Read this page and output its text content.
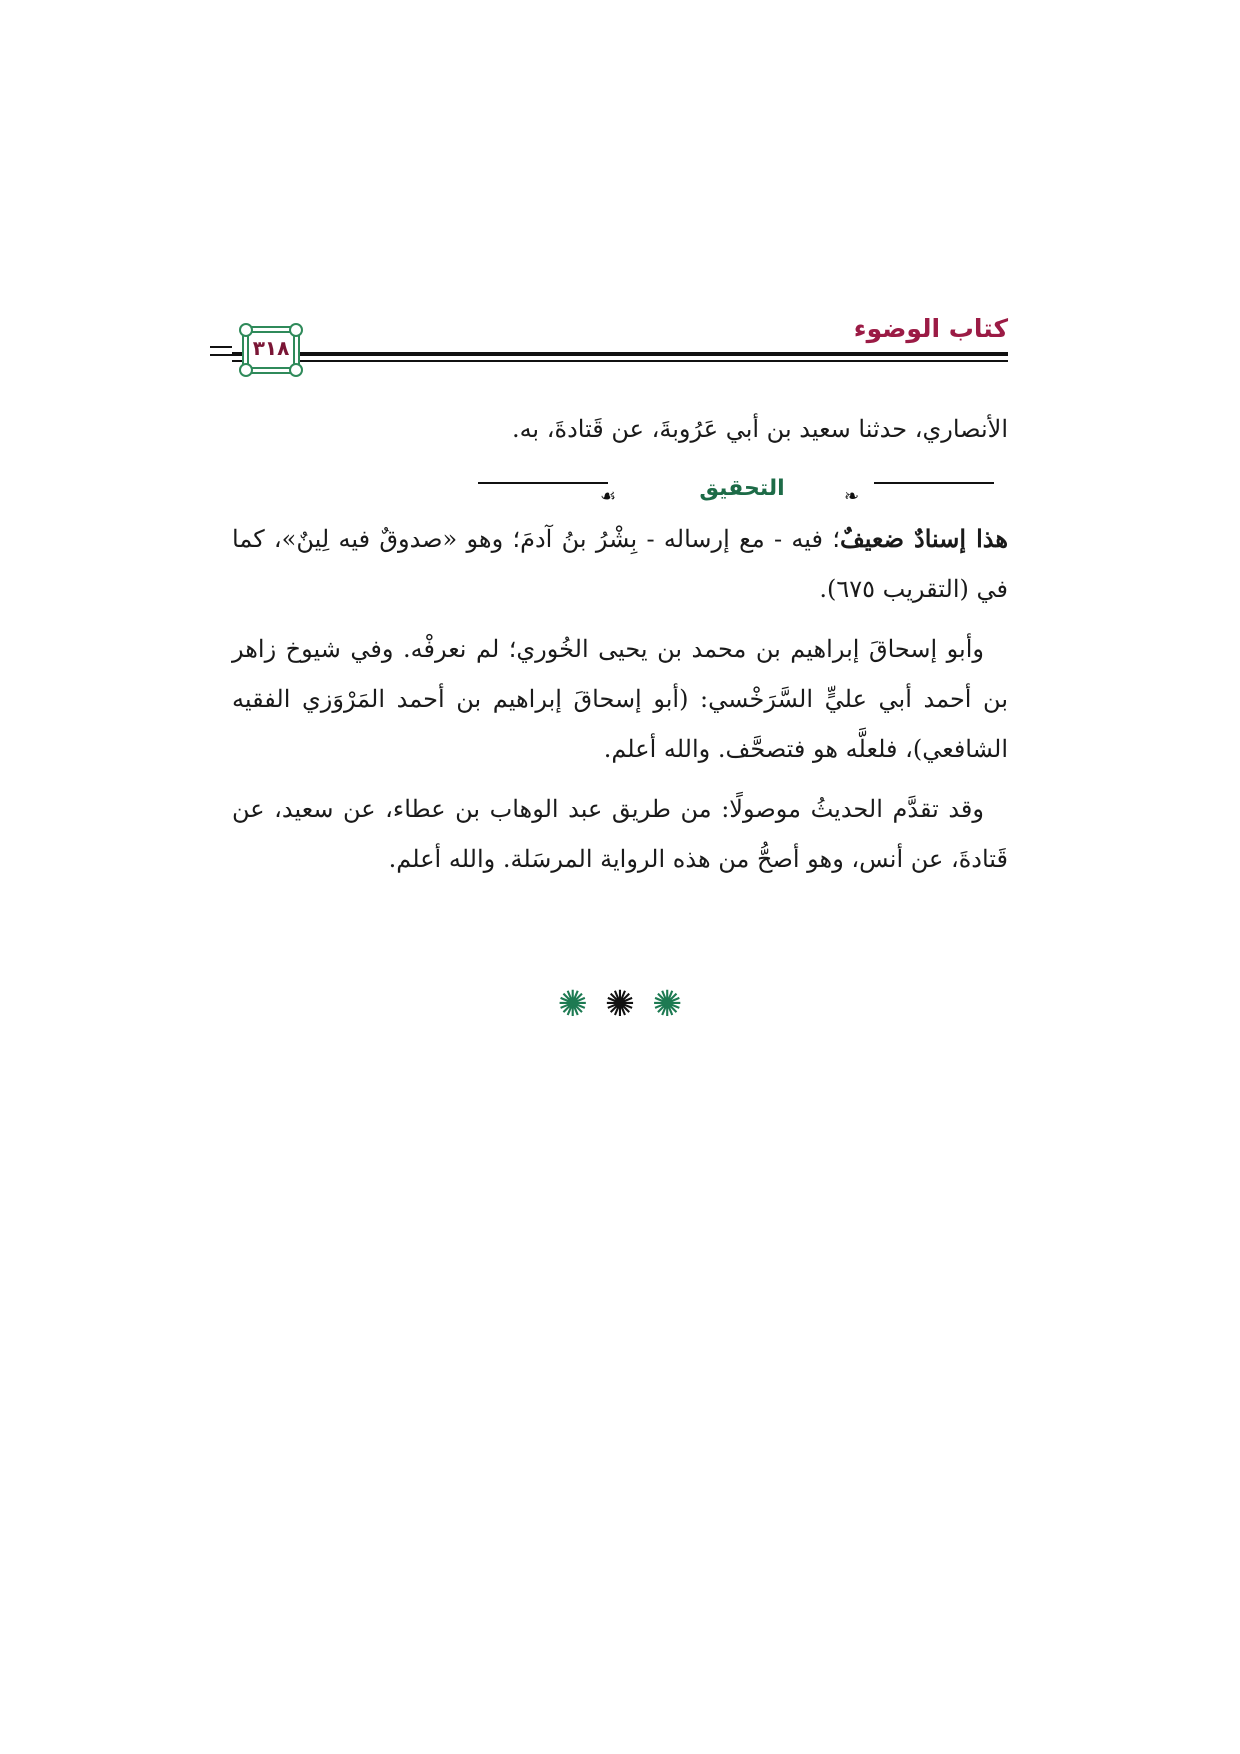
٣١٨
كتاب الوضوء

الأنصاري، حدثنا سعيد بن أبي عَرُوبةَ، عن قَتادةَ، به.

❧
التحقيق
☙

هذا إسنادٌ ضعيفٌ؛ فيه - مع إرساله - بِشْرُ بنُ آدمَ؛ وهو «صدوقٌ فيه لِينٌ»، كما في (التقريب ٦٧٥).

وأبو إسحاقَ إبراهيم بن محمد بن يحيى الخُوري؛ لم نعرفْه. وفي شيوخ زاهر بن أحمد أبي عليٍّ السَّرَخْسي: (أبو إسحاقَ إبراهيم بن أحمد المَرْوَزي الفقيه الشافعي)، فلعلَّه هو فتصحَّف. والله أعلم.

وقد تقدَّم الحديثُ موصولًا: من طريق عبد الوهاب بن عطاء، عن سعيد، عن قَتادةَ، عن أنس، وهو أصحُّ من هذه الرواية المرسَلة. والله أعلم.

✺ ✺ ✺
